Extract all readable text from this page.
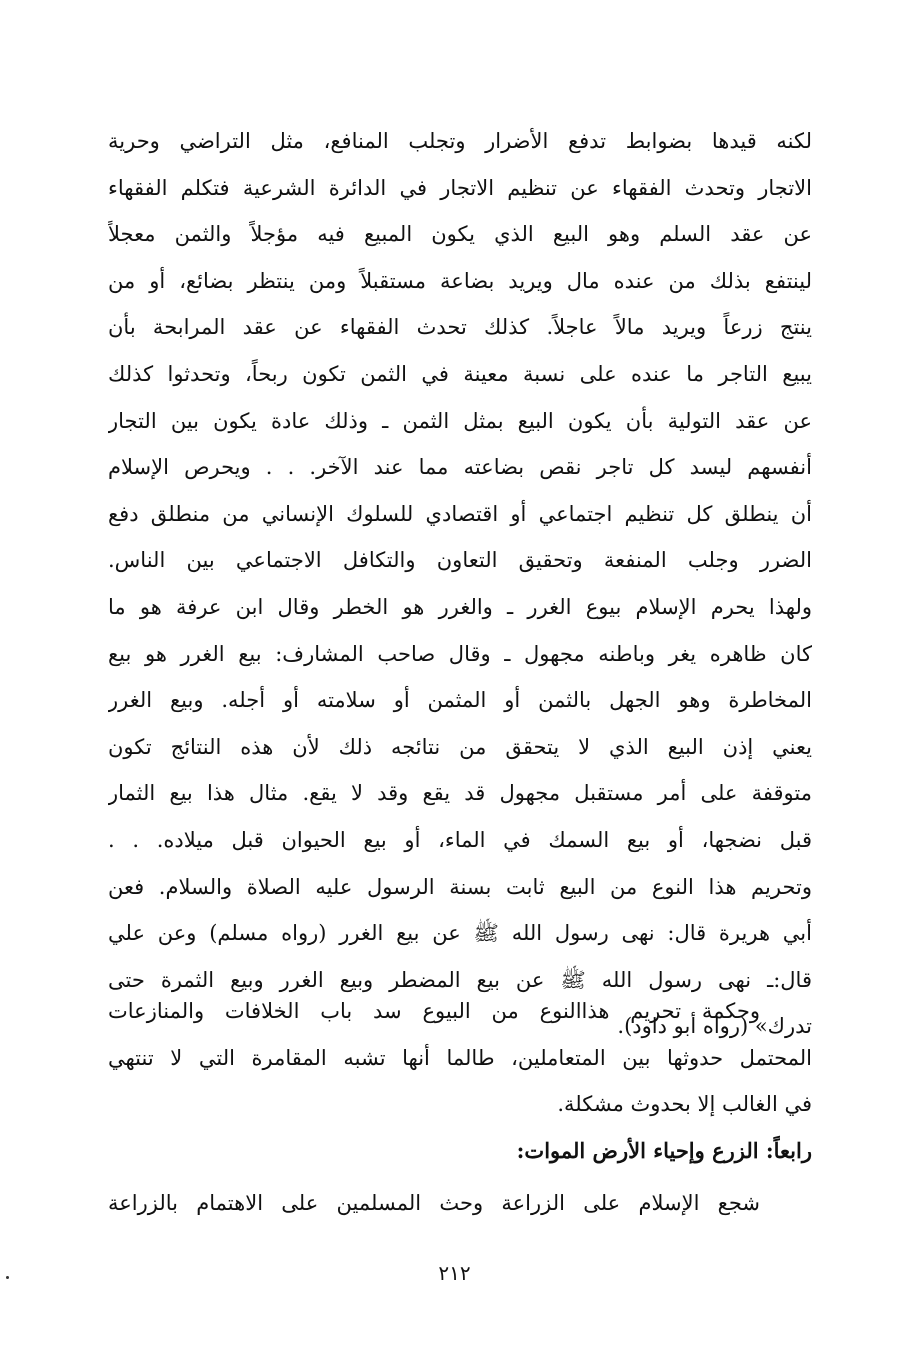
لكنه قيدها بضوابط تدفع الأضرار وتجلب المنافع، مثل التراضي وحرية
الاتجار وتحدث الفقهاء عن تنظيم الاتجار في الدائرة الشرعية فتكلم الفقهاء
عن عقد السلم وهو البيع الذي يكون المبيع فيه مؤجلاً والثمن معجلاً
لينتفع بذلك من عنده مال ويريد بضاعة مستقبلاً ومن ينتظر بضائع، أو من
ينتج زرعاً ويريد مالاً عاجلاً. كذلك تحدث الفقهاء عن عقد المرابحة بأن
يبيع التاجر ما عنده على نسبة معينة في الثمن تكون ربحاً، وتحدثوا كذلك
عن عقد التولية بأن يكون البيع بمثل الثمن ـ وذلك عادة يكون بين التجار
أنفسهم ليسد كل تاجر نقص بضاعته مما عند الآخر. . . ويحرص الإسلام
أن ينطلق كل تنظيم اجتماعي أو اقتصادي للسلوك الإنساني من منطلق دفع
الضرر وجلب المنفعة وتحقيق التعاون والتكافل الاجتماعي بين الناس.
ولهذا يحرم الإسلام بيوع الغرر ـ والغرر هو الخطر وقال ابن عرفة هو ما
كان ظاهره يغر وباطنه مجهول ـ وقال صاحب المشارف: بيع الغرر هو بيع
المخاطرة وهو الجهل بالثمن أو المثمن أو سلامته أو أجله. وبيع الغرر
يعني إذن البيع الذي لا يتحقق من نتائجه ذلك لأن هذه النتائج تكون
متوقفة على أمر مستقبل مجهول قد يقع وقد لا يقع. مثال هذا بيع الثمار
قبل نضجها، أو بيع السمك في الماء، أو بيع الحيوان قبل ميلاده. . .
وتحريم هذا النوع من البيع ثابت بسنة الرسول عليه الصلاة والسلام. فعن
أبي هريرة قال: نهى رسول الله ﷺ عن بيع الغرر (رواه مسلم) وعن علي
قال:ـ نهى رسول الله ﷺ عن بيع المضطر وبيع الغرر وبيع الثمرة حتى
تدرك» (رواه أبو داود).
وحكمة تحريم هذاالنوع من البيوع سد باب الخلافات والمنازعات
المحتمل حدوثها بين المتعاملين، طالما أنها تشبه المقامرة التي لا تنتهي
في الغالب إلا بحدوث مشكلة.
رابعاً: الزرع وإحياء الأرض الموات:
شجع الإسلام على الزراعة وحث المسلمين على الاهتمام بالزراعة
٢١٢
